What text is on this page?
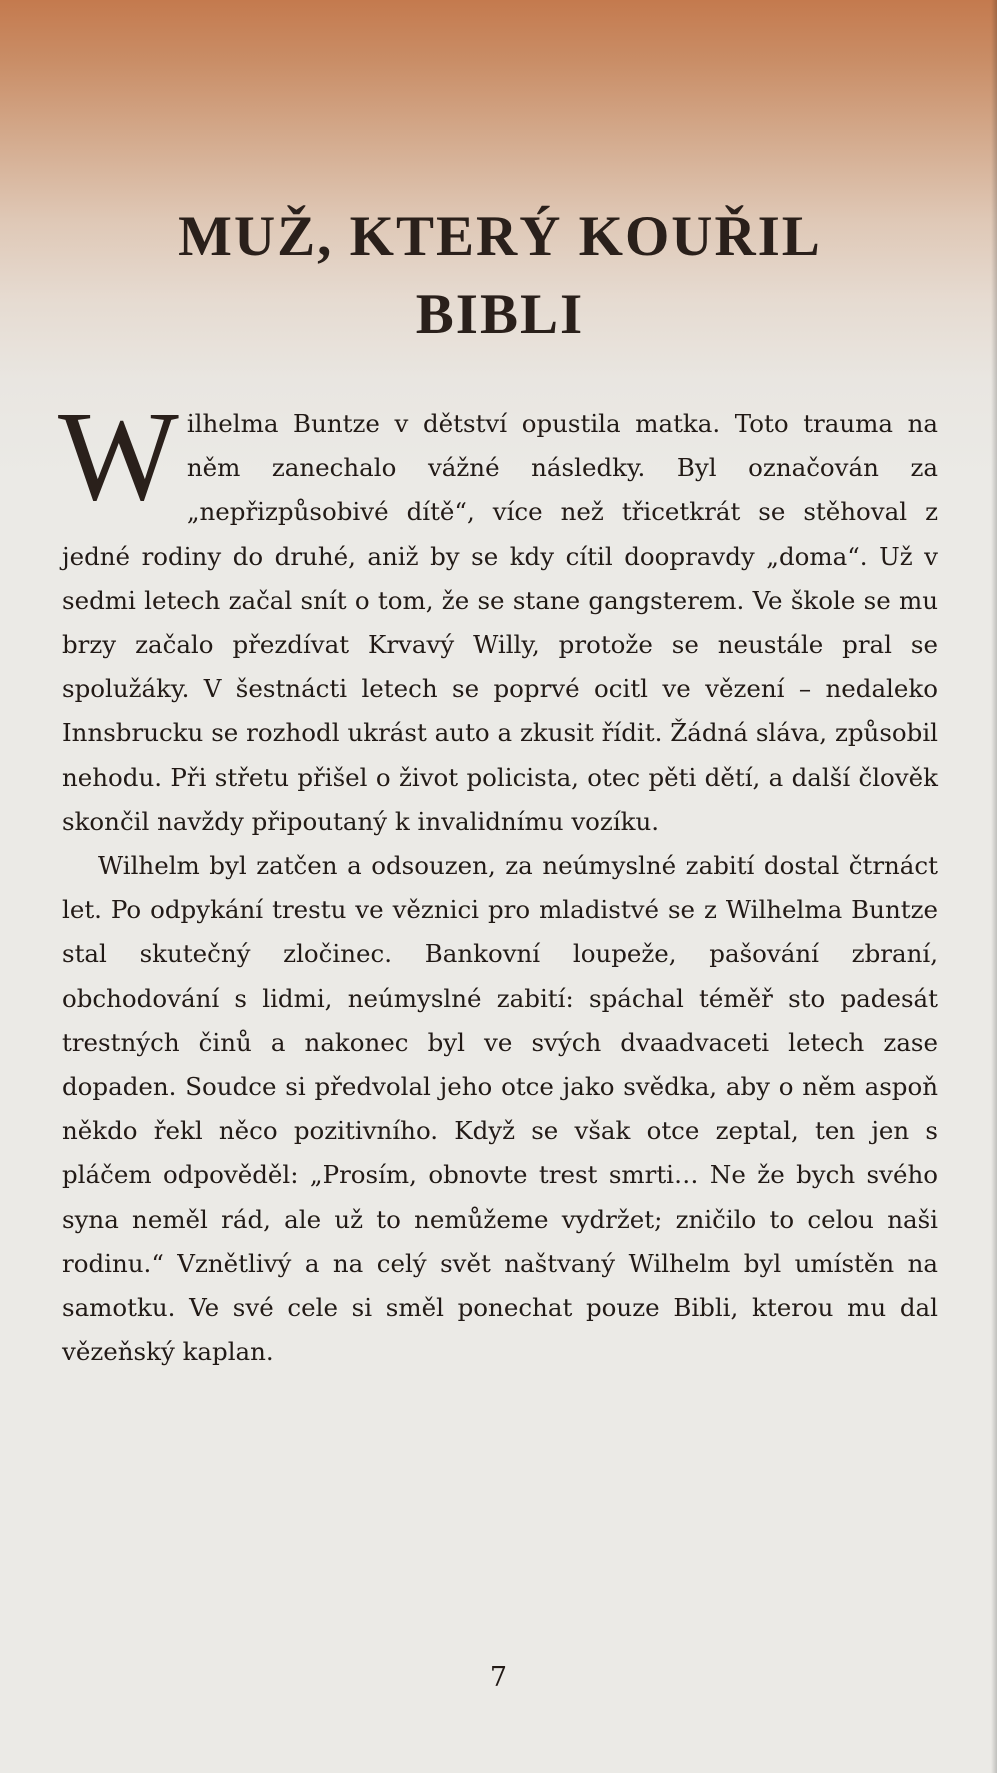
MUŽ, KTERÝ KOUŘIL
BIBLI

Wilhelma Buntze v dětství opustila matka. Toto trauma na něm zanechalo vážné následky. Byl označován za „nepřizpůsobivé dítě“, více než třicetkrát se stěhoval z jedné rodiny do druhé, aniž by se kdy cítil doopravdy „doma“. Už v sedmi letech začal snít o tom, že se stane gangsterem. Ve škole se mu brzy začalo přezdívat Krvavý Willy, protože se neustále pral se spolužáky. V šestnácti letech se poprvé ocitl ve vězení – nedaleko Innsbrucku se rozhodl ukrást auto a zkusit řídit. Žádná sláva, způsobil nehodu. Při střetu přišel o život policista, otec pěti dětí, a další člověk skončil navždy připoutaný k invalidnímu vozíku.

Wilhelm byl zatčen a odsouzen, za neúmyslné zabití dostal čtrnáct let. Po odpykání trestu ve věznici pro mladistvé se z Wilhelma Buntze stal skutečný zločinec. Bankovní loupeže, pašování zbraní, obchodování s lidmi, neúmyslné zabití: spáchal téměř sto padesát trestných činů a nakonec byl ve svých dvaadvaceti letech zase dopaden. Soudce si předvolal jeho otce jako svědka, aby o něm aspoň někdo řekl něco pozitivního. Když se však otce zeptal, ten jen s pláčem odpověděl: „Prosím, obnovte trest smrti… Ne že bych svého syna neměl rád, ale už to nemůžeme vydržet; zničilo to celou naši rodinu.“ Vznětlivý a na celý svět naštvaný Wilhelm byl umístěn na samotku. Ve své cele si směl ponechat pouze Bibli, kterou mu dal vězeňský kaplan.

7
